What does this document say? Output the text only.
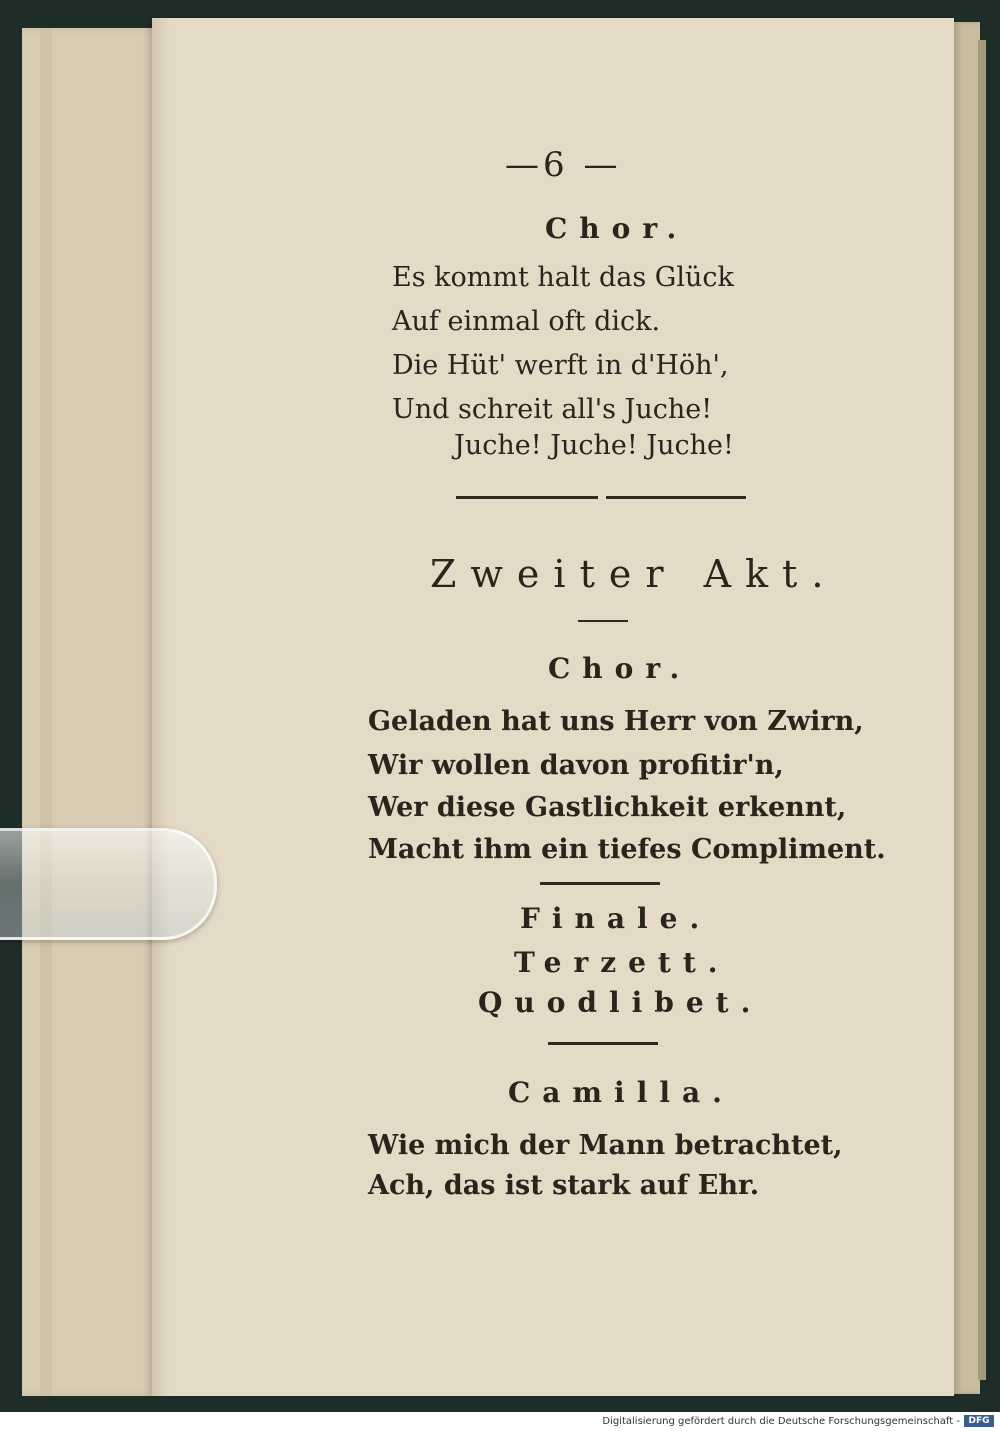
—6 —
Chor.
Es kommt halt das Glück
Auf einmal oft dick.
Die Hüt' werft in d'Höh',
Und schreit all's Juche!
Juche! Juche! Juche!
Zweiter Akt.
Chor.
Geladen hat uns Herr von Zwirn,
Wir wollen davon profitir'n,
Wer diese Gastlichkeit erkennt,
Macht ihm ein tiefes Compliment.
Finale.
Terzett.
Quodlibet.
Camilla.
Wie mich der Mann betrachtet,
Ach, das ist stark auf Ehr.
Digitalisierung gefördert durch die Deutsche Forschungsgemeinschaft - DFG
